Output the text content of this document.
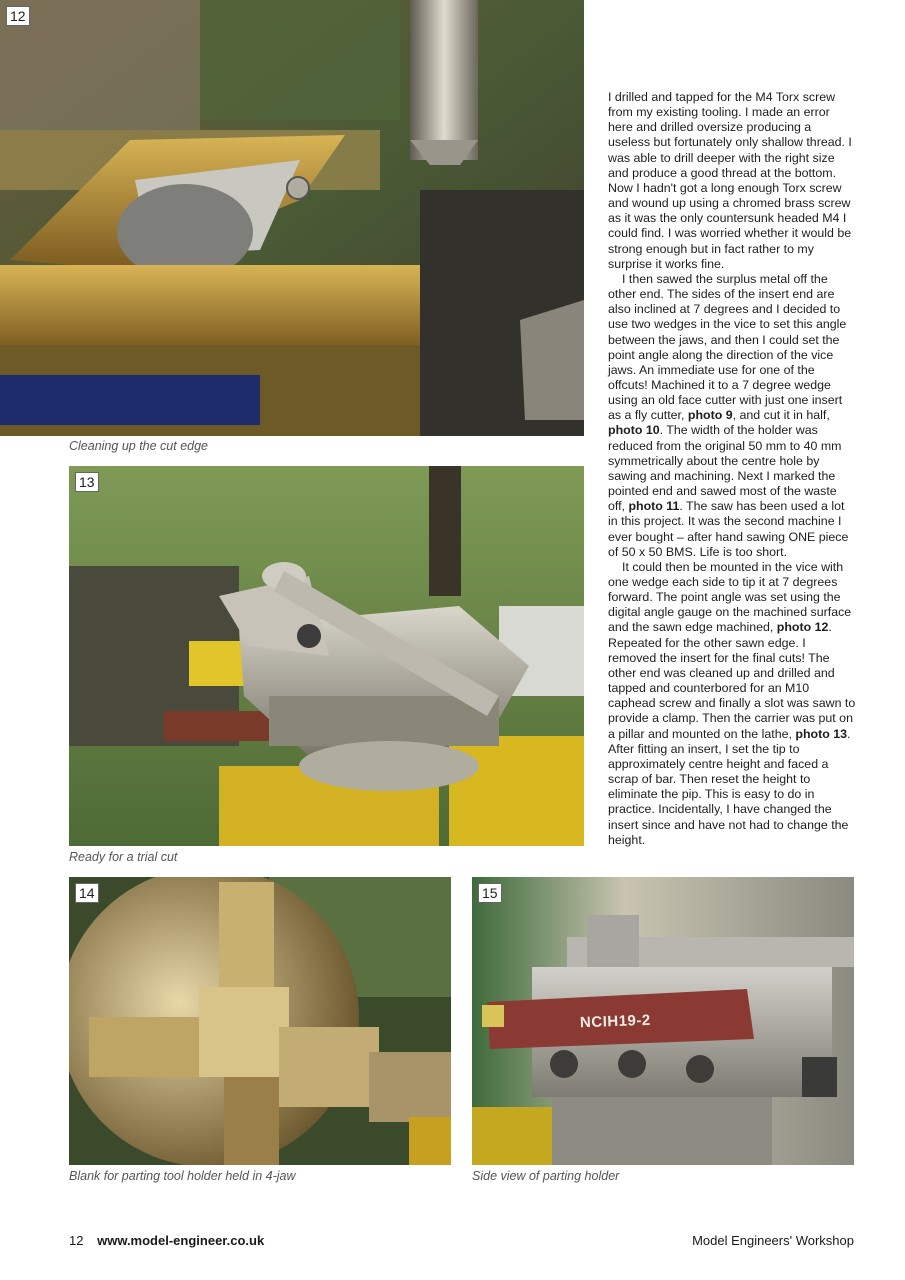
12
Cleaning up the cut edge
13
Ready for a trial cut
14
Blank for parting tool holder held in 4-jaw
NCIH19-2
15
Side view of parting holder

I drilled and tapped for the M4 Torx screw from my existing tooling. I made an error here and drilled oversize producing a useless but fortunately only shallow thread. I was able to drill deeper with the right size and produce a good thread at the bottom. Now I hadn't got a long enough Torx screw and wound up using a chromed brass screw as it was the only countersunk headed M4 I could find. I was worried whether it would be strong enough but in fact rather to my surprise it works fine.

I then sawed the surplus metal off the other end. The sides of the insert end are also inclined at 7 degrees and I decided to use two wedges in the vice to set this angle between the jaws, and then I could set the point angle along the direction of the vice jaws. An immediate use for one of the offcuts! Machined it to a 7 degree wedge using an old face cutter with just one insert as a fly cutter, photo 9, and cut it in half, photo 10. The width of the holder was reduced from the original 50 mm to 40 mm symmetrically about the centre hole by sawing and machining. Next I marked the pointed end and sawed most of the waste off, photo 11. The saw has been used a lot in this project. It was the second machine I ever bought – after hand sawing ONE piece of 50 x 50 BMS. Life is too short.

It could then be mounted in the vice with one wedge each side to tip it at 7 degrees forward. The point angle was set using the digital angle gauge on the machined surface and the sawn edge machined, photo 12. Repeated for the other sawn edge. I removed the insert for the final cuts! The other end was cleaned up and drilled and tapped and counterbored for an M10 caphead screw and finally a slot was sawn to provide a clamp. Then the carrier was put on a pillar and mounted on the lathe, photo 13. After fitting an insert, I set the tip to approximately centre height and faced a scrap of bar. Then reset the height to eliminate the pip. This is easy to do in practice. Incidentally, I have changed the insert since and have not had to change the height.

12 www.model-engineer.co.uk	Model Engineers' Workshop
